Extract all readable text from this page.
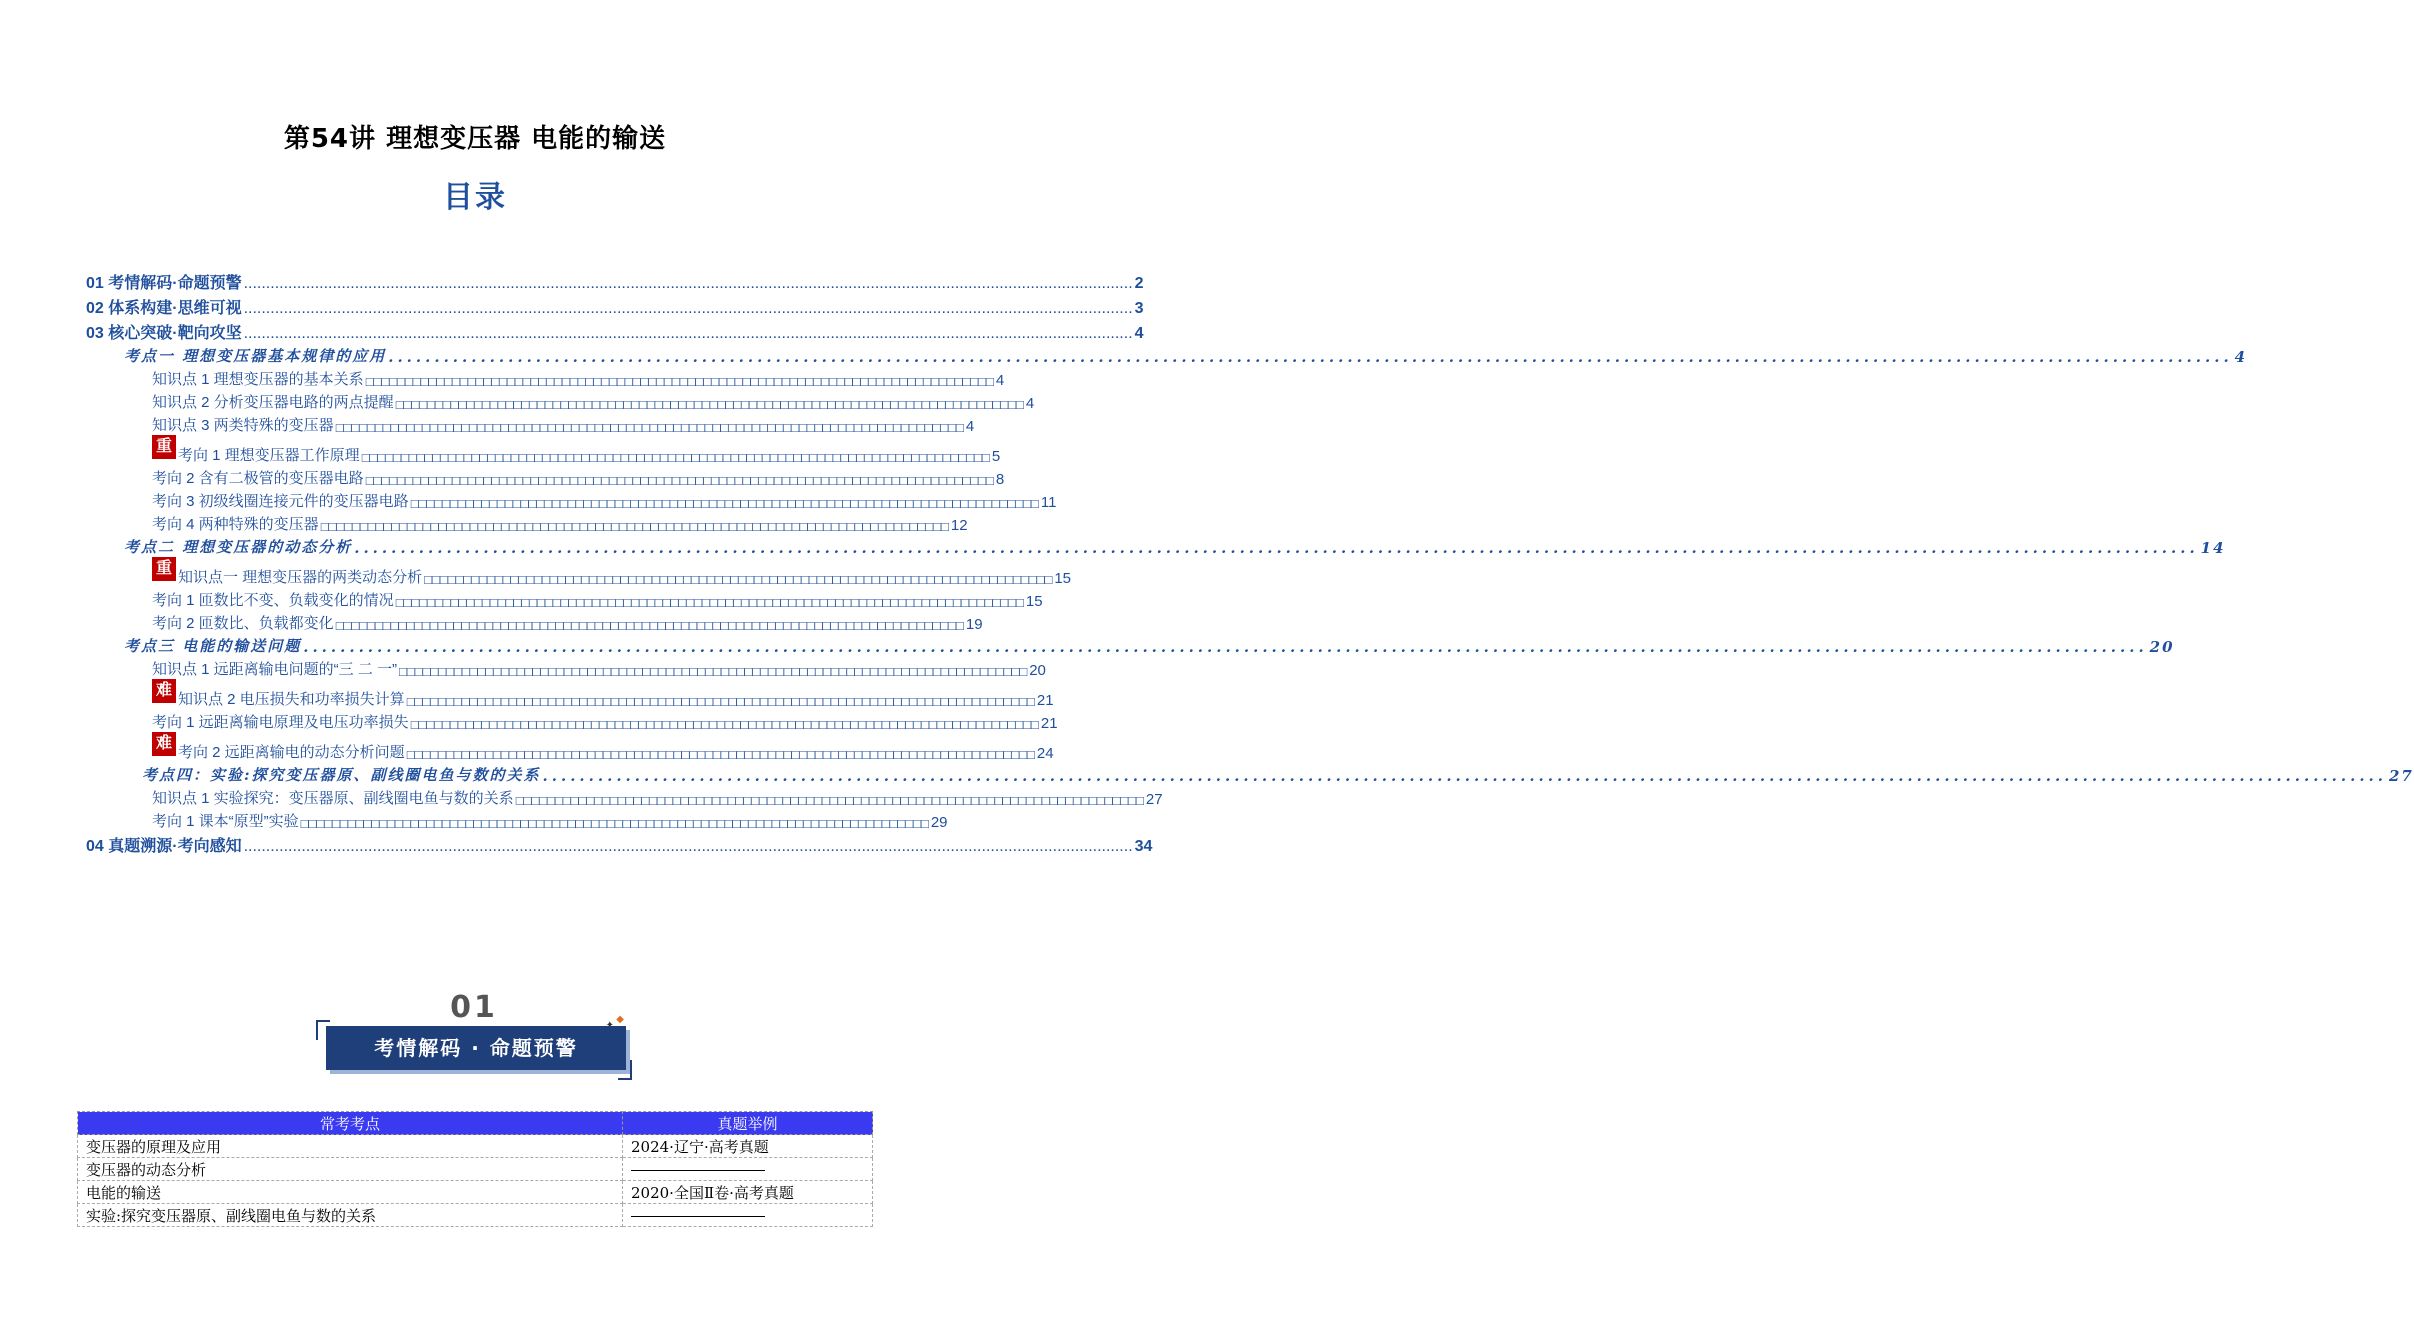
第54讲 理想变压器 电能的输送
目录
01 考情解码·命题预警 ........................................................................................................................................................................................................ 2
02 体系构建·思维可视 ........................................................................................................................................................................................................ 3
03 核心突破·靶向攻坚 ........................................................................................................................................................................................................ 4
考点一 理想变压器基本规律的应用 ........................................................................................................................................................................................................ 4
知识点 1 理想变压器的基本关系 □□□□□□□□□□□□□□□□□□□□□□□□□□□□□□□□□□□□□□□□□□□□□□□□□□□□□□□□□□□□□□□□□□□□□□□□□□□□□□□□ 4
知识点 2 分析变压器电路的两点提醒 □□□□□□□□□□□□□□□□□□□□□□□□□□□□□□□□□□□□□□□□□□□□□□□□□□□□□□□□□□□□□□□□□□□□□□□□□□□□□□□□ 4
知识点 3 两类特殊的变压器 □□□□□□□□□□□□□□□□□□□□□□□□□□□□□□□□□□□□□□□□□□□□□□□□□□□□□□□□□□□□□□□□□□□□□□□□□□□□□□□□ 4
重考向 1 理想变压器工作原理 □□□□□□□□□□□□□□□□□□□□□□□□□□□□□□□□□□□□□□□□□□□□□□□□□□□□□□□□□□□□□□□□□□□□□□□□□□□□□□□□ 5
考向 2 含有二极管的变压器电路 □□□□□□□□□□□□□□□□□□□□□□□□□□□□□□□□□□□□□□□□□□□□□□□□□□□□□□□□□□□□□□□□□□□□□□□□□□□□□□□□ 8
考向 3 初级线圈连接元件的变压器电路 □□□□□□□□□□□□□□□□□□□□□□□□□□□□□□□□□□□□□□□□□□□□□□□□□□□□□□□□□□□□□□□□□□□□□□□□□□□□□□□□ 11
考向 4 两种特殊的变压器 □□□□□□□□□□□□□□□□□□□□□□□□□□□□□□□□□□□□□□□□□□□□□□□□□□□□□□□□□□□□□□□□□□□□□□□□□□□□□□□□ 12
考点二 理想变压器的动态分析 ........................................................................................................................................................................................................ 14
重知识点一 理想变压器的两类动态分析 □□□□□□□□□□□□□□□□□□□□□□□□□□□□□□□□□□□□□□□□□□□□□□□□□□□□□□□□□□□□□□□□□□□□□□□□□□□□□□□□ 15
考向 1 匝数比不变、负载变化的情况 □□□□□□□□□□□□□□□□□□□□□□□□□□□□□□□□□□□□□□□□□□□□□□□□□□□□□□□□□□□□□□□□□□□□□□□□□□□□□□□□ 15
考向 2 匝数比、负载都变化 □□□□□□□□□□□□□□□□□□□□□□□□□□□□□□□□□□□□□□□□□□□□□□□□□□□□□□□□□□□□□□□□□□□□□□□□□□□□□□□□ 19
考点三 电能的输送问题 ........................................................................................................................................................................................................ 20
知识点 1 远距离输电问题的“三 二 一” □□□□□□□□□□□□□□□□□□□□□□□□□□□□□□□□□□□□□□□□□□□□□□□□□□□□□□□□□□□□□□□□□□□□□□□□□□□□□□□□ 20
难知识点 2 电压损失和功率损失计算 □□□□□□□□□□□□□□□□□□□□□□□□□□□□□□□□□□□□□□□□□□□□□□□□□□□□□□□□□□□□□□□□□□□□□□□□□□□□□□□□ 21
考向 1 远距离输电原理及电压功率损失 □□□□□□□□□□□□□□□□□□□□□□□□□□□□□□□□□□□□□□□□□□□□□□□□□□□□□□□□□□□□□□□□□□□□□□□□□□□□□□□□ 21
难考向 2 远距离输电的动态分析问题 □□□□□□□□□□□□□□□□□□□□□□□□□□□□□□□□□□□□□□□□□□□□□□□□□□□□□□□□□□□□□□□□□□□□□□□□□□□□□□□□ 24
考点四：实验:探究变压器原、副线圈电鱼与数的关系 ........................................................................................................................................................................................................ 27
知识点 1 实验探究：变压器原、副线圈电鱼与数的关系 □□□□□□□□□□□□□□□□□□□□□□□□□□□□□□□□□□□□□□□□□□□□□□□□□□□□□□□□□□□□□□□□□□□□□□□□□□□□□□□□ 27
考向 1 课本“原型”实验 □□□□□□□□□□□□□□□□□□□□□□□□□□□□□□□□□□□□□□□□□□□□□□□□□□□□□□□□□□□□□□□□□□□□□□□□□□□□□□□□ 29
04 真题溯源·考向感知 ........................................................................................................................................................................................................ 34
01	◆
考情解码 · 命题预警
常考考点	真题举例
变压器的原理及应用	2024·辽宁·高考真题
变压器的动态分析	
电能的输送	2020·全国Ⅱ卷·高考真题
实验:探究变压器原、副线圈电鱼与数的关系	
